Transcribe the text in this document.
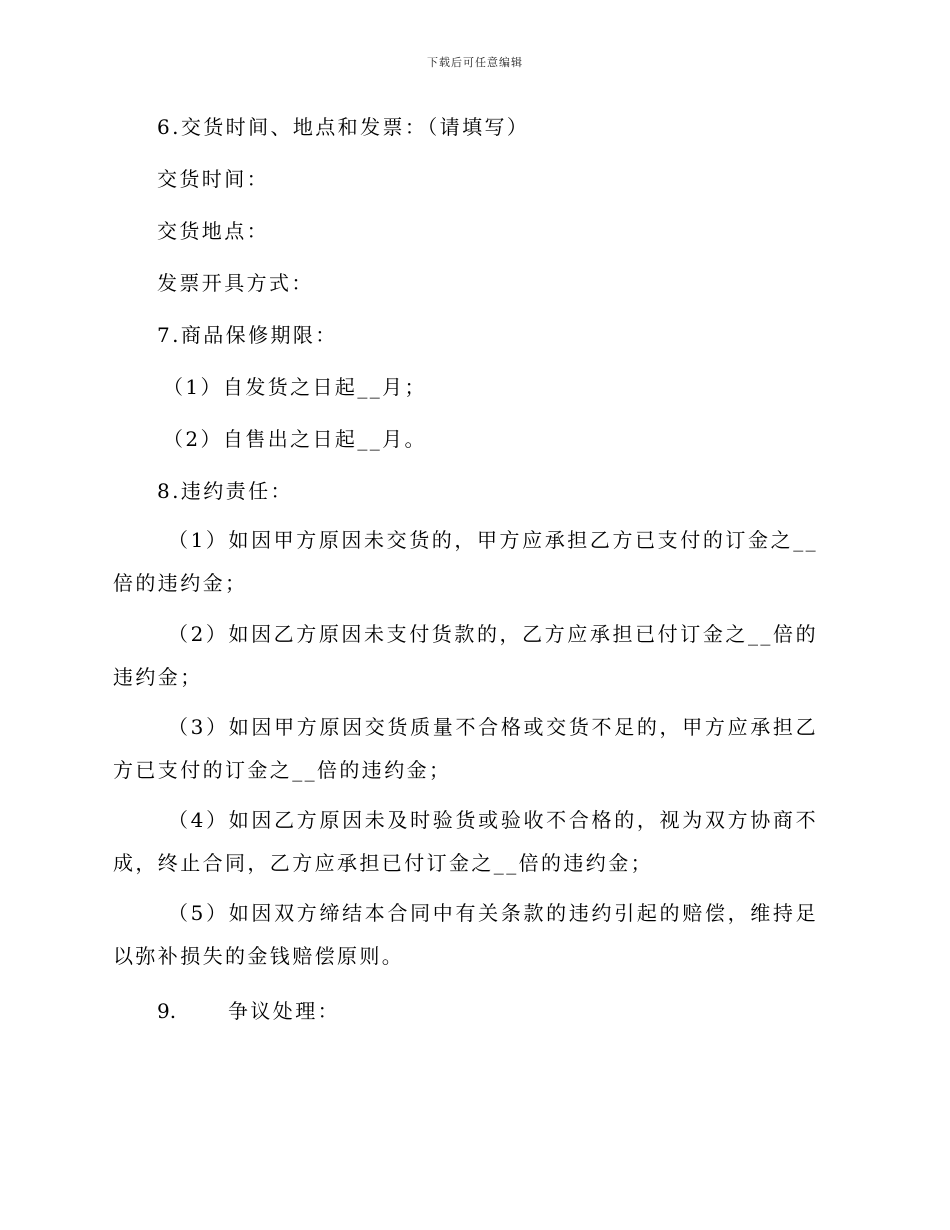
下载后可任意编辑
6.交货时间、地点和发票：（请填写）
交货时间：
交货地点：
发票开具方式：
7.商品保修期限：
（1）自发货之日起__月；
（2）自售出之日起__月。
8.违约责任：
（1）如因甲方原因未交货的，甲方应承担乙方已支付的订金之__倍的违约金；
（2）如因乙方原因未支付货款的，乙方应承担已付订金之__倍的违约金；
（3）如因甲方原因交货质量不合格或交货不足的，甲方应承担乙方已支付的订金之__倍的违约金；
（4）如因乙方原因未及时验货或验收不合格的，视为双方协商不成，终止合同，乙方应承担已付订金之__倍的违约金；
（5）如因双方缔结本合同中有关条款的违约引起的赔偿，维持足以弥补损失的金钱赔偿原则。
9.	争议处理：
